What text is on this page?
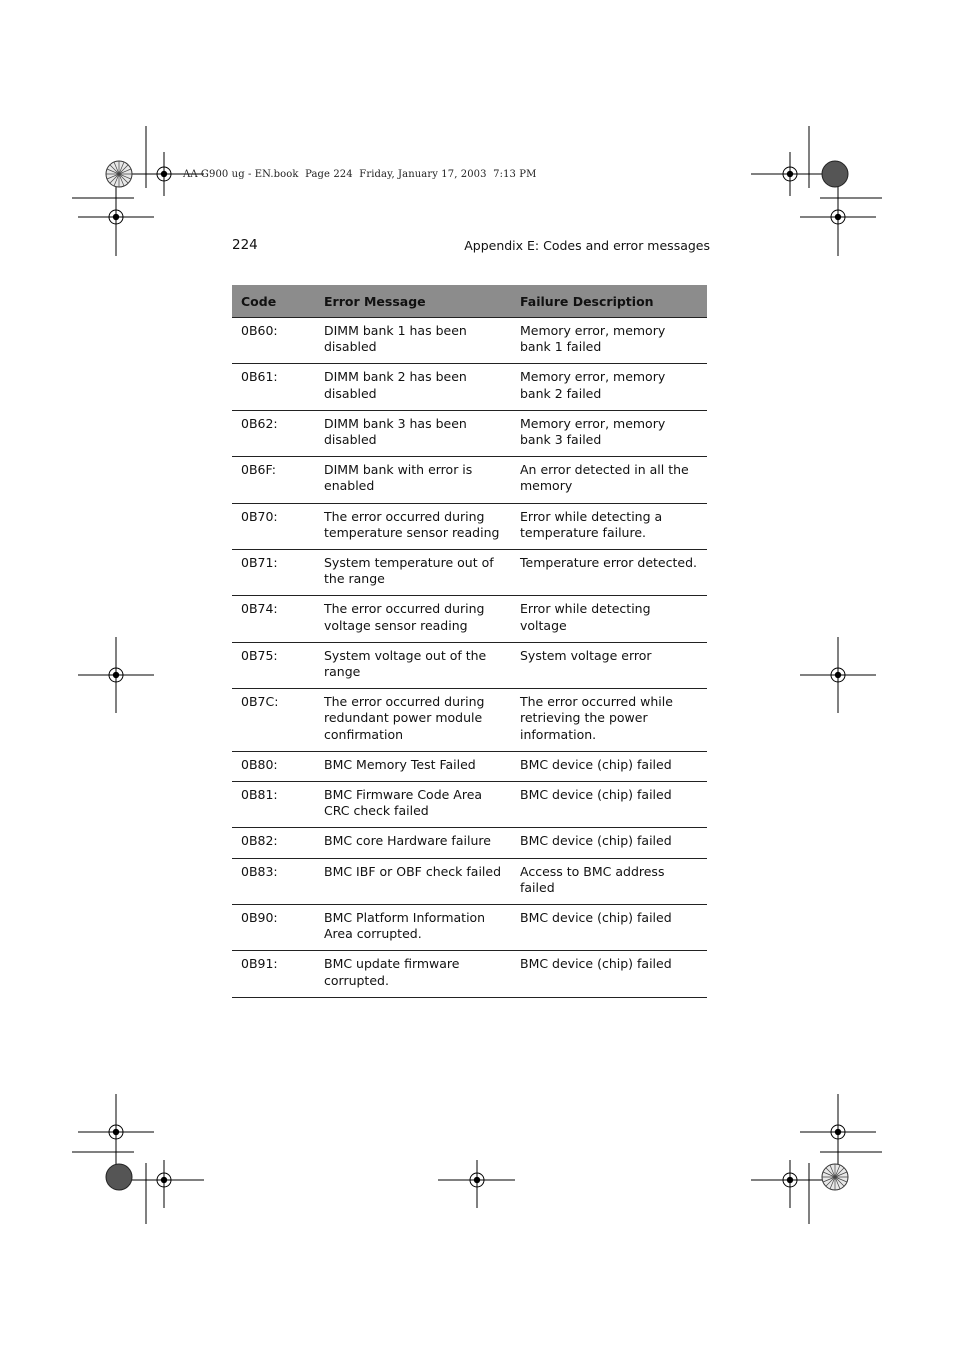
AA G900 ug - EN.book  Page 224  Friday, January 17, 2003  7:13 PM
224	Appendix E: Codes and error messages
Code	Error Message	Failure Description
0B60:	DIMM bank 1 has been disabled	Memory error, memory bank 1 failed
0B61:	DIMM bank 2 has been disabled	Memory error, memory bank 2 failed
0B62:	DIMM bank 3 has been disabled	Memory error, memory bank 3 failed
0B6F:	DIMM bank with error is enabled	An error detected in all the memory
0B70:	The error occurred during temperature sensor reading	Error while detecting a temperature failure.
0B71:	System temperature out of the range	Temperature error detected.
0B74:	The error occurred during voltage sensor reading	Error while detecting voltage
0B75:	System voltage out of the range	System voltage error
0B7C:	The error occurred during redundant power module confirmation	The error occurred while retrieving the power information.
0B80:	BMC Memory Test Failed	BMC device (chip) failed
0B81:	BMC Firmware Code Area CRC check failed	BMC device (chip) failed
0B82:	BMC core Hardware failure	BMC device (chip) failed
0B83:	BMC IBF or OBF check failed	Access to BMC address failed
0B90:	BMC Platform Information Area corrupted.	BMC device (chip) failed
0B91:	BMC update firmware corrupted.	BMC device (chip) failed
